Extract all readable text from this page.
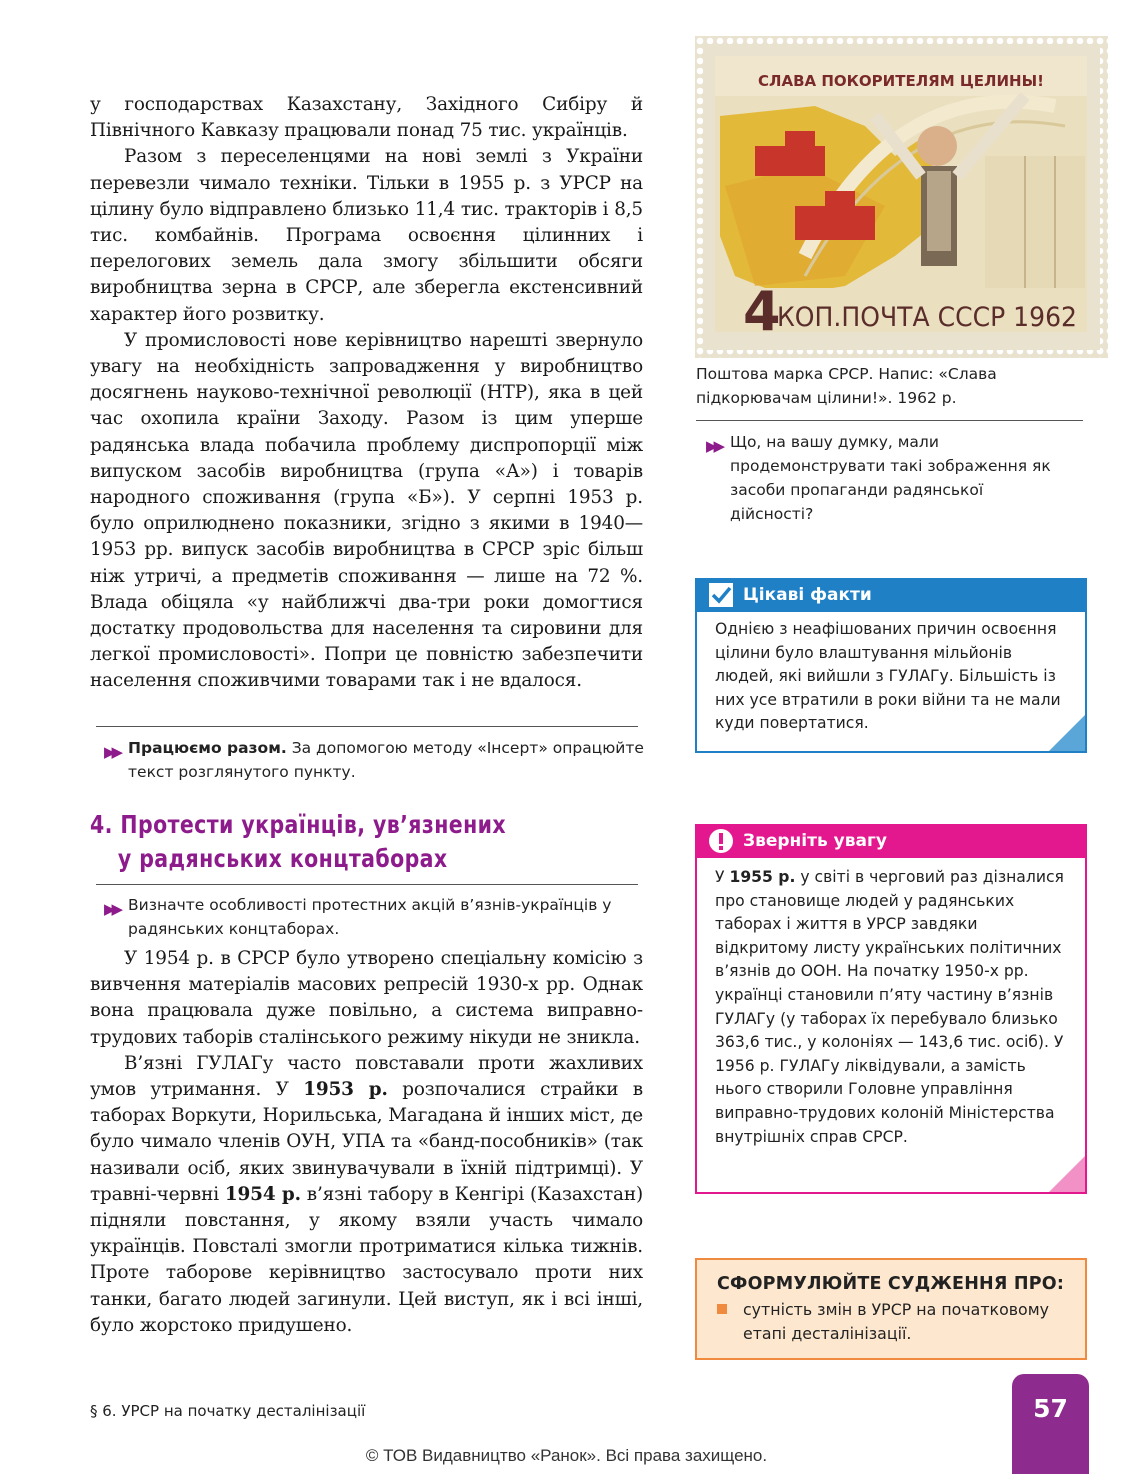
у господарствах Казахстану, Західного Сибіру й Північного Кавказу працювали понад 75 тис. українців.

Разом з переселенцями на нові землі з України перевезли чимало техніки. Тільки в 1955 р. з УРСР на цілину було відправлено близько 11,4 тис. тракторів і 8,5 тис. комбайнів. Програма освоєння цілинних і перелогових земель дала змогу збільшити обсяги виробництва зерна в СРСР, але зберегла екстенсивний характер його розвитку.

У промисловості нове керівництво нарешті звернуло увагу на необхідність запровадження у виробництво досягнень науково-технічної революції (НТР), яка в цей час охопила країни Заходу. Разом із цим уперше радянська влада побачила проблему диспропорції між випуском засобів виробництва (група «А») і товарів народного споживання (група «Б»). У серпні 1953 р. було оприлюднено показники, згідно з якими в 1940—1953 рр. випуск засобів виробництва в СРСР зріс більш ніж утричі, а предметів споживання — лише на 72 %. Влада обіцяла «у найближчі два-три роки домогтися достатку продовольства для населення та сировини для легкої промисловості». Попри це повністю забезпечити населення споживчими товарами так і не вдалося.

▶▶ Працюємо разом. За допомогою методу «Інсерт» опрацюйте текст розглянутого пункту.
4. Протести українців, ув’язнених
у радянських концтаборах
▶▶ Визначте особливості протестних акцій в’язнів-українців у радянських концтаборах.

У 1954 р. в СРСР було утворено спеціальну комісію з вивчення матеріалів масових репресій 1930-х рр. Однак вона працювала дуже повільно, а система виправно-трудових таборів сталінського режиму нікуди не зникла.

В’язні ГУЛАГу часто повставали проти жахливих умов утримання. У 1953 р. розпочалися страйки в таборах Воркути, Норильська, Магадана й інших міст, де було чимало членів ОУН, УПА та «банд-пособників» (так називали осіб, яких звинувачували в їхній підтримці). У травні-червні 1954 р. в’язні табору в Кенгірі (Казахстан) підняли повстання, у якому взяли участь чимало українців. Повсталі змогли протриматися кілька тижнів. Проте таборове керівництво застосувало проти них танки, багато людей загинули. Цей виступ, як і всі інші, було жорстоко придушено.

СЛАВА ПОКОРИТЕЛЯМ ЦЕЛИНЫ!
4
КОП.ПОЧТА СССР 1962
Поштова марка СРСР. Напис: «Слава підкорювачам цілини!». 1962 р.
▶▶ Що, на вашу думку, мали продемонструвати такі зображення як засоби пропаганди радянської дійсності?
Цікаві факти
Однією з неафішованих причин освоєння цілини було влаштування мільйонів людей, які вийшли з ГУЛАГу. Більшість із них усе втратили в роки війни та не мали куди повертатися.
Зверніть увагу
У 1955 р. у світі в черговий раз дізналися про становище людей у радянських таборах і життя в УРСР завдяки відкритому листу українських політичних в’язнів до ООН. На початку 1950-х рр. українці становили п’яту частину в’язнів ГУЛАГу (у таборах їх перебувало близько 363,6 тис., у колоніях — 143,6 тис. осіб). У 1956 р. ГУЛАГу ліквідували, а замість нього створили Головне управління виправно-трудових колоній Міністерства внутрішніх справ СРСР.
СФОРМУЛЮЙТЕ СУДЖЕННЯ ПРО:
сутність змін в УРСР на початковому етапі десталінізації.
§ 6. УРСР на початку десталінізації	57
© ТОВ Видавництво «Ранок». Всі права захищено.
